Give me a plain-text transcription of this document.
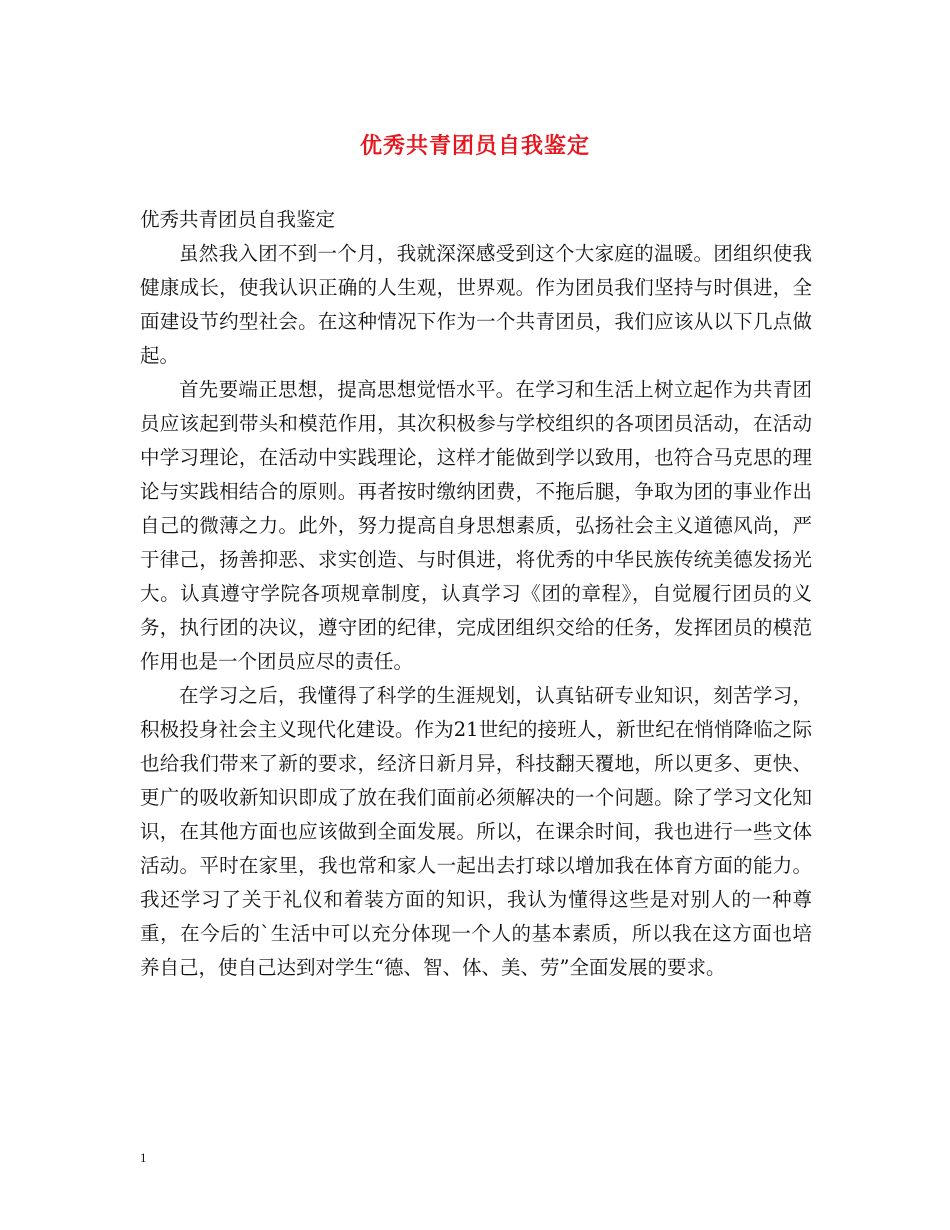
优秀共青团员自我鉴定

优秀共青团员自我鉴定

虽然我入团不到一个月，我就深深感受到这个大家庭的温暖。团组织使我健康成长，使我认识正确的人生观，世界观。作为团员我们坚持与时俱进，全面建设节约型社会。在这种情况下作为一个共青团员，我们应该从以下几点做起。

首先要端正思想，提高思想觉悟水平。在学习和生活上树立起作为共青团员应该起到带头和模范作用，其次积极参与学校组织的各项团员活动，在活动中学习理论，在活动中实践理论，这样才能做到学以致用，也符合马克思的理论与实践相结合的原则。再者按时缴纳团费，不拖后腿，争取为团的事业作出自己的微薄之力。此外，努力提高自身思想素质，弘扬社会主义道德风尚，严于律己，扬善抑恶、求实创造、与时俱进，将优秀的中华民族传统美德发扬光大。认真遵守学院各项规章制度，认真学习《团的章程》，自觉履行团员的义务，执行团的决议，遵守团的纪律，完成团组织交给的任务，发挥团员的模范作用也是一个团员应尽的责任。

在学习之后，我懂得了科学的生涯规划，认真钻研专业知识，刻苦学习，积极投身社会主义现代化建设。作为21世纪的接班人，新世纪在悄悄降临之际也给我们带来了新的要求，经济日新月异，科技翻天覆地，所以更多、更快、更广的吸收新知识即成了放在我们面前必须解决的一个问题。除了学习文化知识，在其他方面也应该做到全面发展。所以，在课余时间，我也进行一些文体活动。平时在家里，我也常和家人一起出去打球以增加我在体育方面的能力。我还学习了关于礼仪和着装方面的知识，我认为懂得这些是对别人的一种尊重，在今后的`生活中可以充分体现一个人的基本素质，所以我在这方面也培养自己，使自己达到对学生“德、智、体、美、劳”全面发展的要求。

1
